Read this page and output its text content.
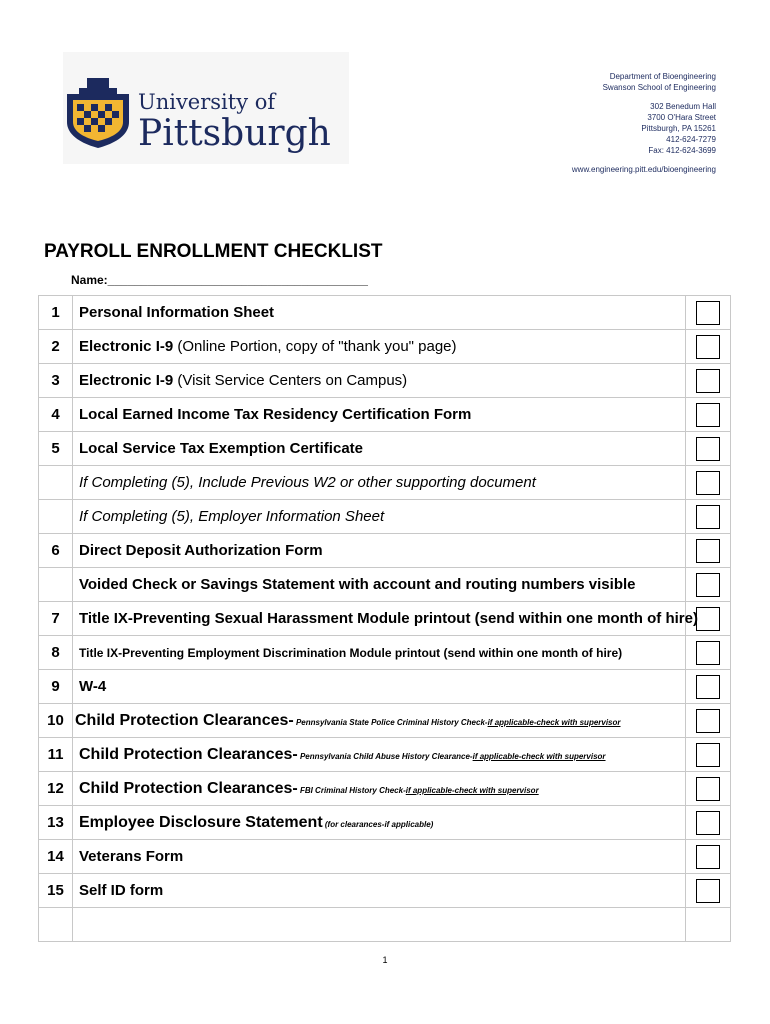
University of
Pittsburgh
Department of Bioengineering
Swanson School of Engineering
302 Benedum Hall
3700 O'Hara Street
Pittsburgh, PA 15261
412-624-7279
Fax: 412-624-3699
www.engineering.pitt.edu/bioengineering
PAYROLL ENROLLMENT CHECKLIST
Name:_______________________________________
1	Personal Information Sheet	
2	Electronic I-9 (Online Portion, copy of "thank you" page)	
3	Electronic I-9 (Visit Service Centers on Campus)	
4	Local Earned Income Tax Residency Certification Form	
5	Local Service Tax Exemption Certificate	
	If Completing (5), Include Previous W2 or other supporting document	
	If Completing (5), Employer Information Sheet	
6	Direct Deposit Authorization Form	
	Voided Check or Savings Statement with account and routing numbers visible	
7	Title IX-Preventing Sexual Harassment Module printout (send within one month of hire)	
8	Title IX-Preventing Employment Discrimination Module printout (send within one month of hire)	
9	W-4	
10	Child Protection Clearances- Pennsylvania State Police Criminal History Check-if applicable-check with supervisor	
11	Child Protection Clearances- Pennsylvania Child Abuse History Clearance-if applicable-check with supervisor	
12	Child Protection Clearances- FBI Criminal History Check-if applicable-check with supervisor	
13	Employee Disclosure Statement (for clearances-if applicable)	
14	Veterans Form	
15	Self ID form	

1
